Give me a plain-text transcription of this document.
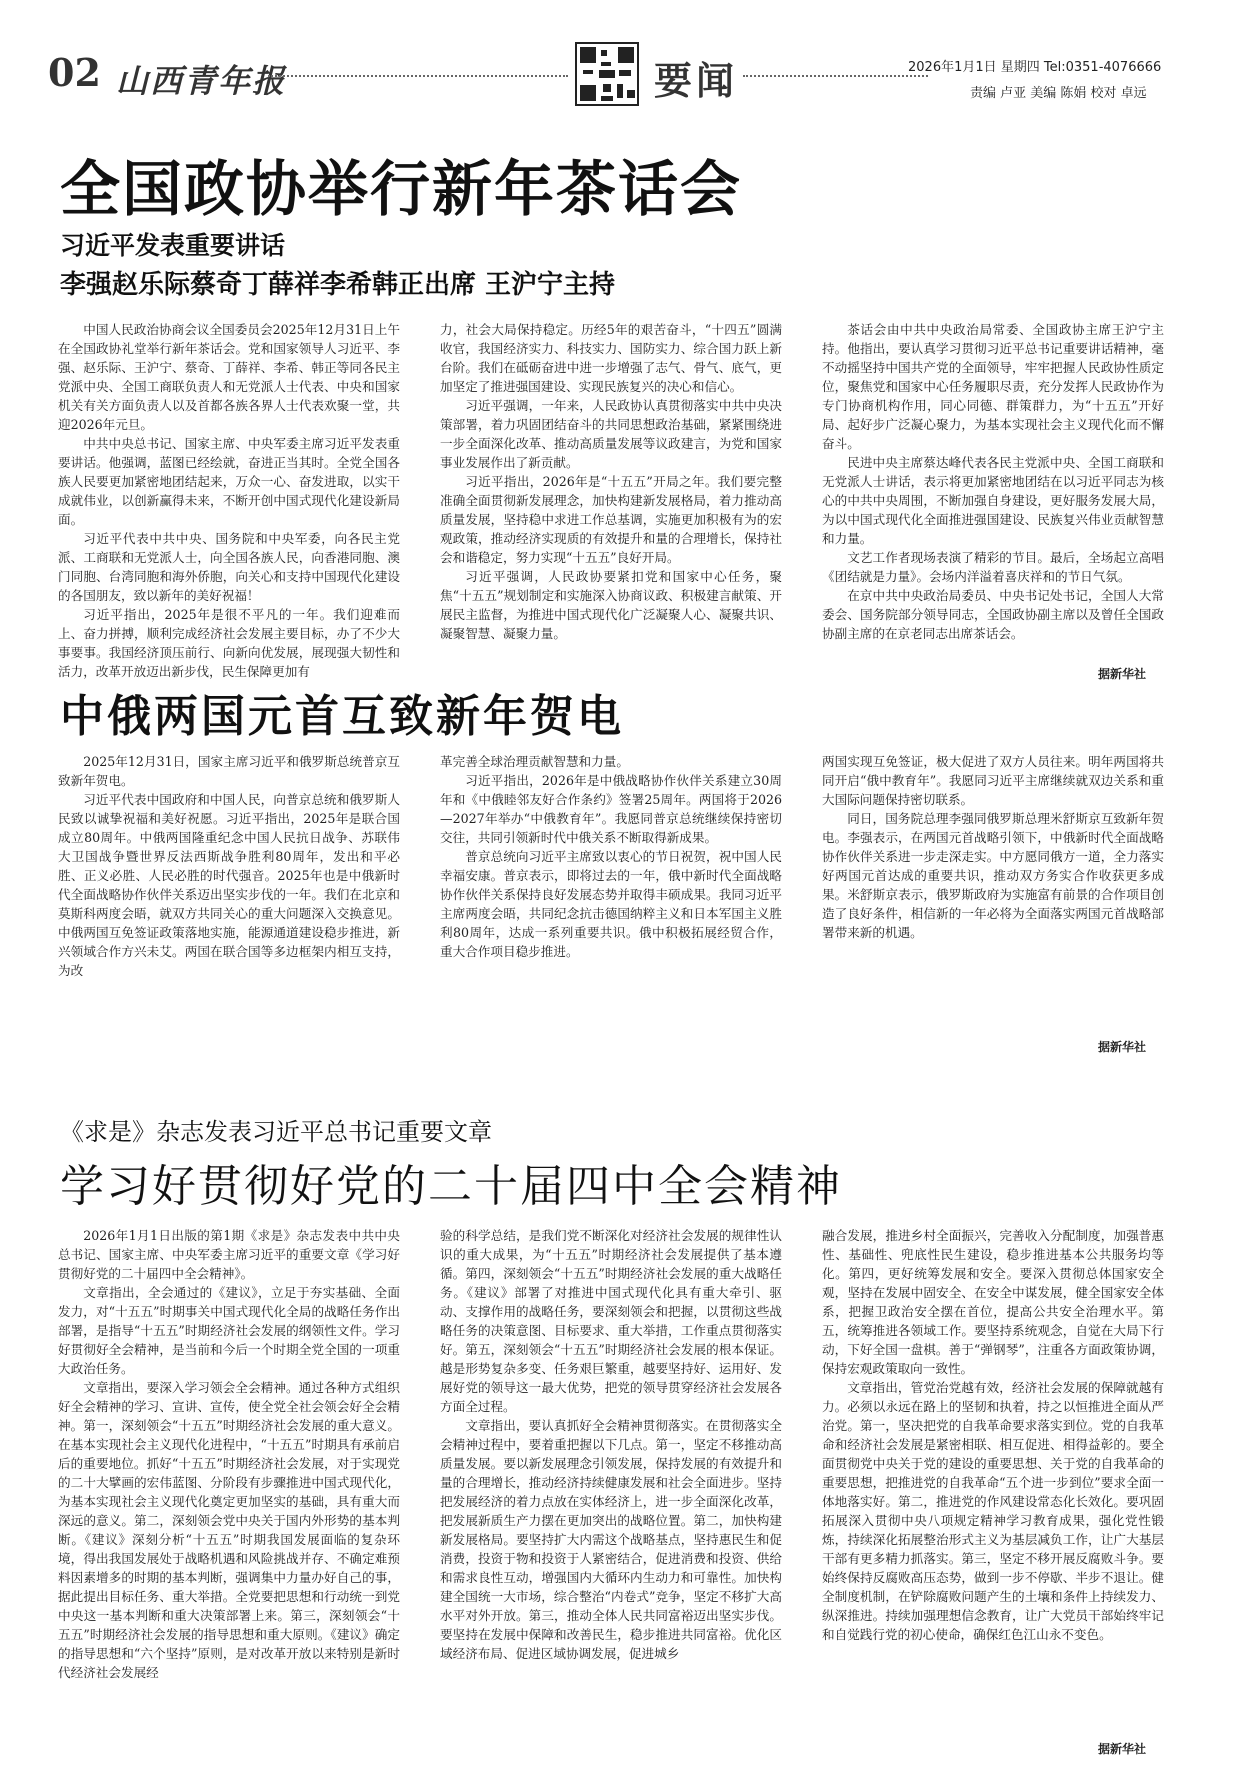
02 山西青年报	要闻	2026年1月1日 星期四 Tel:0351-4076666
责编 卢亚 美编 陈娟 校对 卓远
全国政协举行新年茶话会
习近平发表重要讲话
李强赵乐际蔡奇丁薛祥李希韩正出席 王沪宁主持

中国人民政治协商会议全国委员会2025年12月31日上午在全国政协礼堂举行新年茶话会。党和国家领导人习近平、李强、赵乐际、王沪宁、蔡奇、丁薛祥、李希、韩正等同各民主党派中央、全国工商联负责人和无党派人士代表、中央和国家机关有关方面负责人以及首都各族各界人士代表欢聚一堂，共迎2026年元旦。

中共中央总书记、国家主席、中央军委主席习近平发表重要讲话。他强调，蓝图已经绘就，奋进正当其时。全党全国各族人民要更加紧密地团结起来，万众一心、奋发进取，以实干成就伟业，以创新赢得未来，不断开创中国式现代化建设新局面。

习近平代表中共中央、国务院和中央军委，向各民主党派、工商联和无党派人士，向全国各族人民，向香港同胞、澳门同胞、台湾同胞和海外侨胞，向关心和支持中国现代化建设的各国朋友，致以新年的美好祝福！

习近平指出，2025年是很不平凡的一年。我们迎难而上、奋力拼搏，顺利完成经济社会发展主要目标，办了不少大事要事。我国经济顶压前行、向新向优发展，展现强大韧性和活力，改革开放迈出新步伐，民生保障更加有

力，社会大局保持稳定。历经5年的艰苦奋斗，“十四五”圆满收官，我国经济实力、科技实力、国防实力、综合国力跃上新台阶。我们在砥砺奋进中进一步增强了志气、骨气、底气，更加坚定了推进强国建设、实现民族复兴的决心和信心。

习近平强调，一年来，人民政协认真贯彻落实中共中央决策部署，着力巩固团结奋斗的共同思想政治基础，紧紧围绕进一步全面深化改革、推动高质量发展等议政建言，为党和国家事业发展作出了新贡献。

习近平指出，2026年是“十五五”开局之年。我们要完整准确全面贯彻新发展理念，加快构建新发展格局，着力推动高质量发展，坚持稳中求进工作总基调，实施更加积极有为的宏观政策，推动经济实现质的有效提升和量的合理增长，保持社会和谐稳定，努力实现“十五五”良好开局。

习近平强调，人民政协要紧扣党和国家中心任务，聚焦“十五五”规划制定和实施深入协商议政、积极建言献策、开展民主监督，为推进中国式现代化广泛凝聚人心、凝聚共识、凝聚智慧、凝聚力量。

茶话会由中共中央政治局常委、全国政协主席王沪宁主持。他指出，要认真学习贯彻习近平总书记重要讲话精神，毫不动摇坚持中国共产党的全面领导，牢牢把握人民政协性质定位，聚焦党和国家中心任务履职尽责，充分发挥人民政协作为专门协商机构作用，同心同德、群策群力，为“十五五”开好局、起好步广泛凝心聚力，为基本实现社会主义现代化而不懈奋斗。

民进中央主席蔡达峰代表各民主党派中央、全国工商联和无党派人士讲话，表示将更加紧密地团结在以习近平同志为核心的中共中央周围，不断加强自身建设，更好服务发展大局，为以中国式现代化全面推进强国建设、民族复兴伟业贡献智慧和力量。

文艺工作者现场表演了精彩的节目。最后，全场起立高唱《团结就是力量》。会场内洋溢着喜庆祥和的节日气氛。

在京中共中央政治局委员、中央书记处书记，全国人大常委会、国务院部分领导同志，全国政协副主席以及曾任全国政协副主席的在京老同志出席茶话会。

据新华社
中俄两国元首互致新年贺电

2025年12月31日，国家主席习近平和俄罗斯总统普京互致新年贺电。

习近平代表中国政府和中国人民，向普京总统和俄罗斯人民致以诚挚祝福和美好祝愿。习近平指出，2025年是联合国成立80周年。中俄两国隆重纪念中国人民抗日战争、苏联伟大卫国战争暨世界反法西斯战争胜利80周年，发出和平必胜、正义必胜、人民必胜的时代强音。2025年也是中俄新时代全面战略协作伙伴关系迈出坚实步伐的一年。我们在北京和莫斯科两度会晤，就双方共同关心的重大问题深入交换意见。中俄两国互免签证政策落地实施，能源通道建设稳步推进，新兴领域合作方兴未艾。两国在联合国等多边框架内相互支持，为改

革完善全球治理贡献智慧和力量。

习近平指出，2026年是中俄战略协作伙伴关系建立30周年和《中俄睦邻友好合作条约》签署25周年。两国将于2026—2027年举办“中俄教育年”。我愿同普京总统继续保持密切交往，共同引领新时代中俄关系不断取得新成果。

普京总统向习近平主席致以衷心的节日祝贺，祝中国人民幸福安康。普京表示，即将过去的一年，俄中新时代全面战略协作伙伴关系保持良好发展态势并取得丰硕成果。我同习近平主席两度会晤，共同纪念抗击德国纳粹主义和日本军国主义胜利80周年，达成一系列重要共识。俄中积极拓展经贸合作，重大合作项目稳步推进。

两国实现互免签证，极大促进了双方人员往来。明年两国将共同开启“俄中教育年”。我愿同习近平主席继续就双边关系和重大国际问题保持密切联系。

同日，国务院总理李强同俄罗斯总理米舒斯京互致新年贺电。李强表示，在两国元首战略引领下，中俄新时代全面战略协作伙伴关系进一步走深走实。中方愿同俄方一道，全力落实好两国元首达成的重要共识，推动双方务实合作收获更多成果。米舒斯京表示，俄罗斯政府为实施富有前景的合作项目创造了良好条件，相信新的一年必将为全面落实两国元首战略部署带来新的机遇。

据新华社
《求是》杂志发表习近平总书记重要文章
学习好贯彻好党的二十届四中全会精神

2026年1月1日出版的第1期《求是》杂志发表中共中央总书记、国家主席、中央军委主席习近平的重要文章《学习好贯彻好党的二十届四中全会精神》。

文章指出，全会通过的《建议》，立足于夯实基础、全面发力，对“十五五”时期事关中国式现代化全局的战略任务作出部署，是指导“十五五”时期经济社会发展的纲领性文件。学习好贯彻好全会精神，是当前和今后一个时期全党全国的一项重大政治任务。

文章指出，要深入学习领会全会精神。通过各种方式组织好全会精神的学习、宣讲、宣传，使全党全社会领会好全会精神。第一，深刻领会“十五五”时期经济社会发展的重大意义。在基本实现社会主义现代化进程中，“十五五”时期具有承前启后的重要地位。抓好“十五五”时期经济社会发展，对于实现党的二十大擘画的宏伟蓝图、分阶段有步骤推进中国式现代化，为基本实现社会主义现代化奠定更加坚实的基础，具有重大而深远的意义。第二，深刻领会党中央关于国内外形势的基本判断。《建议》深刻分析“十五五”时期我国发展面临的复杂环境，得出我国发展处于战略机遇和风险挑战并存、不确定难预料因素增多的时期的基本判断，强调集中力量办好自己的事，据此提出目标任务、重大举措。全党要把思想和行动统一到党中央这一基本判断和重大决策部署上来。第三，深刻领会“十五五”时期经济社会发展的指导思想和重大原则。《建议》确定的指导思想和“六个坚持”原则，是对改革开放以来特别是新时代经济社会发展经

验的科学总结，是我们党不断深化对经济社会发展的规律性认识的重大成果，为“十五五”时期经济社会发展提供了基本遵循。第四，深刻领会“十五五”时期经济社会发展的重大战略任务。《建议》部署了对推进中国式现代化具有重大牵引、驱动、支撑作用的战略任务，要深刻领会和把握，以贯彻这些战略任务的决策意图、目标要求、重大举措，工作重点贯彻落实好。第五，深刻领会“十五五”时期经济社会发展的根本保证。越是形势复杂多变、任务艰巨繁重，越要坚持好、运用好、发展好党的领导这一最大优势，把党的领导贯穿经济社会发展各方面全过程。

文章指出，要认真抓好全会精神贯彻落实。在贯彻落实全会精神过程中，要着重把握以下几点。第一，坚定不移推动高质量发展。要以新发展理念引领发展，保持发展的有效提升和量的合理增长，推动经济持续健康发展和社会全面进步。坚持把发展经济的着力点放在实体经济上，进一步全面深化改革，把发展新质生产力摆在更加突出的战略位置。第二，加快构建新发展格局。要坚持扩大内需这个战略基点，坚持惠民生和促消费，投资于物和投资于人紧密结合，促进消费和投资、供给和需求良性互动，增强国内大循环内生动力和可靠性。加快构建全国统一大市场，综合整治“内卷式”竞争，坚定不移扩大高水平对外开放。第三，推动全体人民共同富裕迈出坚实步伐。要坚持在发展中保障和改善民生，稳步推进共同富裕。优化区域经济布局、促进区域协调发展，促进城乡

融合发展，推进乡村全面振兴，完善收入分配制度，加强普惠性、基础性、兜底性民生建设，稳步推进基本公共服务均等化。第四，更好统筹发展和安全。要深入贯彻总体国家安全观，坚持在发展中固安全、在安全中谋发展，健全国家安全体系，把握卫政治安全摆在首位，提高公共安全治理水平。第五，统筹推进各领域工作。要坚持系统观念，自觉在大局下行动，下好全国一盘棋。善于“弹钢琴”，注重各方面政策协调，保持宏观政策取向一致性。

文章指出，管党治党越有效，经济社会发展的保障就越有力。必须以永远在路上的坚韧和执着，持之以恒推进全面从严治党。第一，坚决把党的自我革命要求落实到位。党的自我革命和经济社会发展是紧密相联、相互促进、相得益彰的。要全面贯彻党中央关于党的建设的重要思想、关于党的自我革命的重要思想，把推进党的自我革命“五个进一步到位”要求全面一体地落实好。第二，推进党的作风建设常态化长效化。要巩固拓展深入贯彻中央八项规定精神学习教育成果，强化党性锻炼，持续深化拓展整治形式主义为基层减负工作，让广大基层干部有更多精力抓落实。第三，坚定不移开展反腐败斗争。要始终保持反腐败高压态势，做到一步不停歇、半步不退让。健全制度机制，在铲除腐败问题产生的土壤和条件上持续发力、纵深推进。持续加强理想信念教育，让广大党员干部始终牢记和自觉践行党的初心使命，确保红色江山永不变色。

据新华社
